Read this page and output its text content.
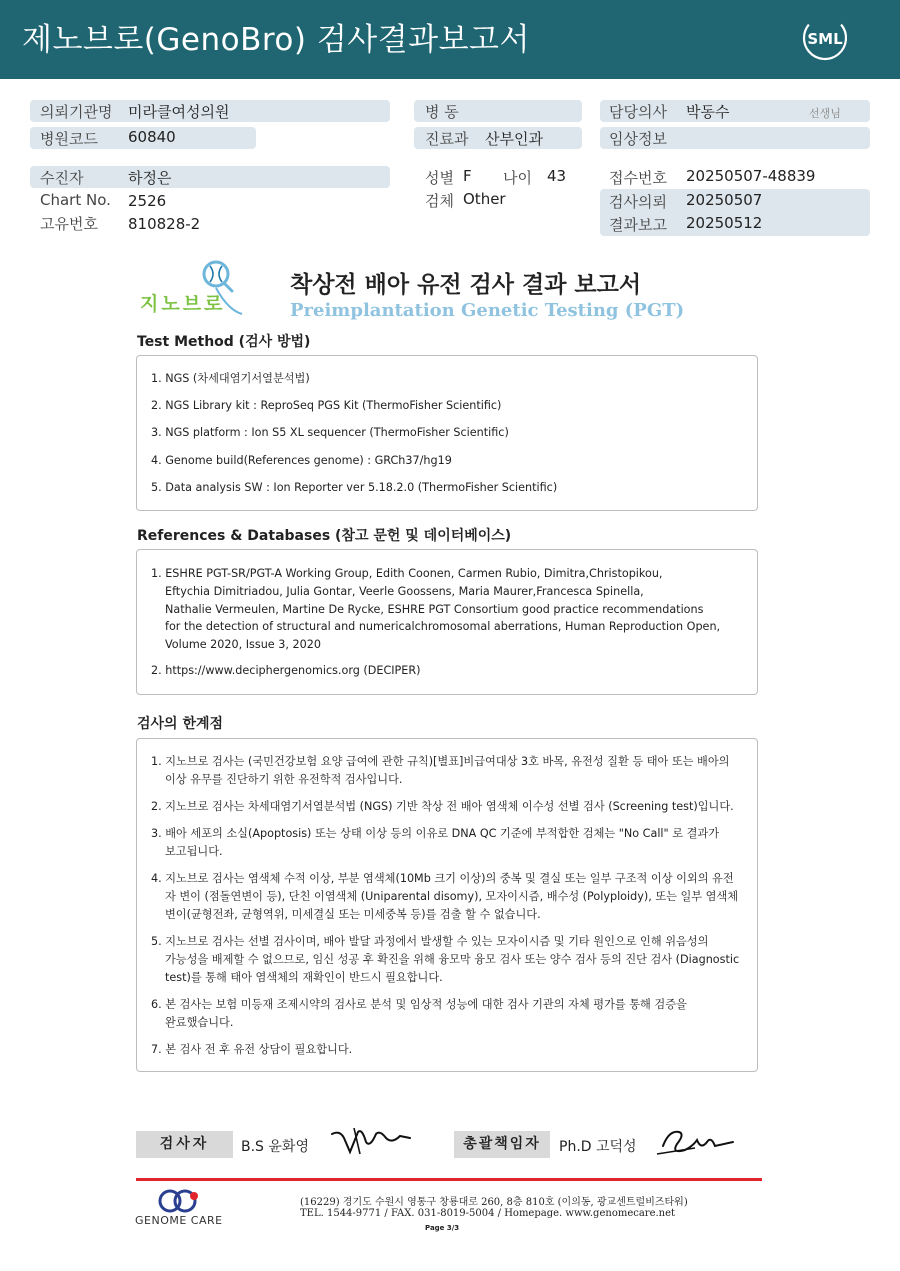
제노브로(GenoBro) 검사결과보고서	SML
의뢰기관명 미라클여성의원
병원코드 60840
병 동
진료과 산부인과
담당의사 박동수	선생님
임상정보
수진자	하정은
Chart No. 2526
고유번호 810828-2
성별 F 나이 43
검체 Other
접수번호 20250507-48839
검사의뢰 20250507
결과보고 20250512
지노브로
착상전 배아 유전 검사 결과 보고서
Preimplantation Genetic Testing (PGT)
Test Method (검사 방법)
1. NGS (차세대염기서열분석법)
2. NGS Library kit : ReproSeq PGS Kit (ThermoFisher Scientific)
3. NGS platform : Ion S5 XL sequencer (ThermoFisher Scientific)
4. Genome build(References genome) : GRCh37/hg19
5. Data analysis SW : Ion Reporter ver 5.18.2.0 (ThermoFisher Scientific)
References & Databases (참고 문헌 및 데이터베이스)
1. ESHRE PGT-SR/PGT-A Working Group, Edith Coonen, Carmen Rubio, Dimitra,Christopikou,
Eftychia Dimitriadou, Julia Gontar, Veerle Goossens, Maria Maurer,Francesca Spinella,
Nathalie Vermeulen, Martine De Rycke, ESHRE PGT Consortium good practice recommendations
for the detection of structural and numericalchromosomal aberrations, Human Reproduction Open,
Volume 2020, Issue 3, 2020
2. https://www.deciphergenomics.org (DECIPER)
검사의 한계점
1. 지노브로 검사는 (국민건강보험 요양 급여에 관한 규칙)[별표]비급여대상 3호 바목, 유전성 질환 등 태아 또는 배아의
이상 유무를 진단하기 위한 유전학적 검사입니다.
2. 지노브로 검사는 차세대염기서열분석법 (NGS) 기반 착상 전 배아 염색체 이수성 선별 검사 (Screening test)입니다.
3. 배아 세포의 소실(Apoptosis) 또는 상태 이상 등의 이유로 DNA QC 기준에 부적합한 검체는 "No Call" 로 결과가
보고됩니다.
4. 지노브로 검사는 염색체 수적 이상, 부분 염색체(10Mb 크기 이상)의 중복 및 결실 또는 일부 구조적 이상 이외의 유전
자 변이 (점돌연변이 등), 단친 이염색체 (Uniparental disomy), 모자이시즘, 배수성 (Polyploidy), 또는 일부 염색체
변이(균형전좌, 균형역위, 미세결실 또는 미세중복 등)를 검출 할 수 없습니다.
5. 지노브로 검사는 선별 검사이며, 배아 발달 과정에서 발생할 수 있는 모자이시즘 및 기타 원인으로 인해 위음성의
가능성을 배제할 수 없으므로, 임신 성공 후 확진을 위해 융모막 융모 검사 또는 양수 검사 등의 진단 검사 (Diagnostic
test)를 통해 태아 염색체의 재확인이 반드시 필요합니다.
6. 본 검사는 보험 미등재 조제시약의 검사로 분석 및 임상적 성능에 대한 검사 기관의 자체 평가를 통해 검증을
완료했습니다.
7. 본 검사 전 후 유전 상담이 필요합니다.
검사자	B.S 윤화영	총괄책임자	Ph.D 고덕성
GENOME CARE
(16229) 경기도 수원시 영통구 창룡대로 260, 8층 810호 (이의동, 광교센트럴비즈타워)
TEL. 1544-9771 / FAX. 031-8019-5004 / Homepage. www.genomecare.net
Page 3/3
